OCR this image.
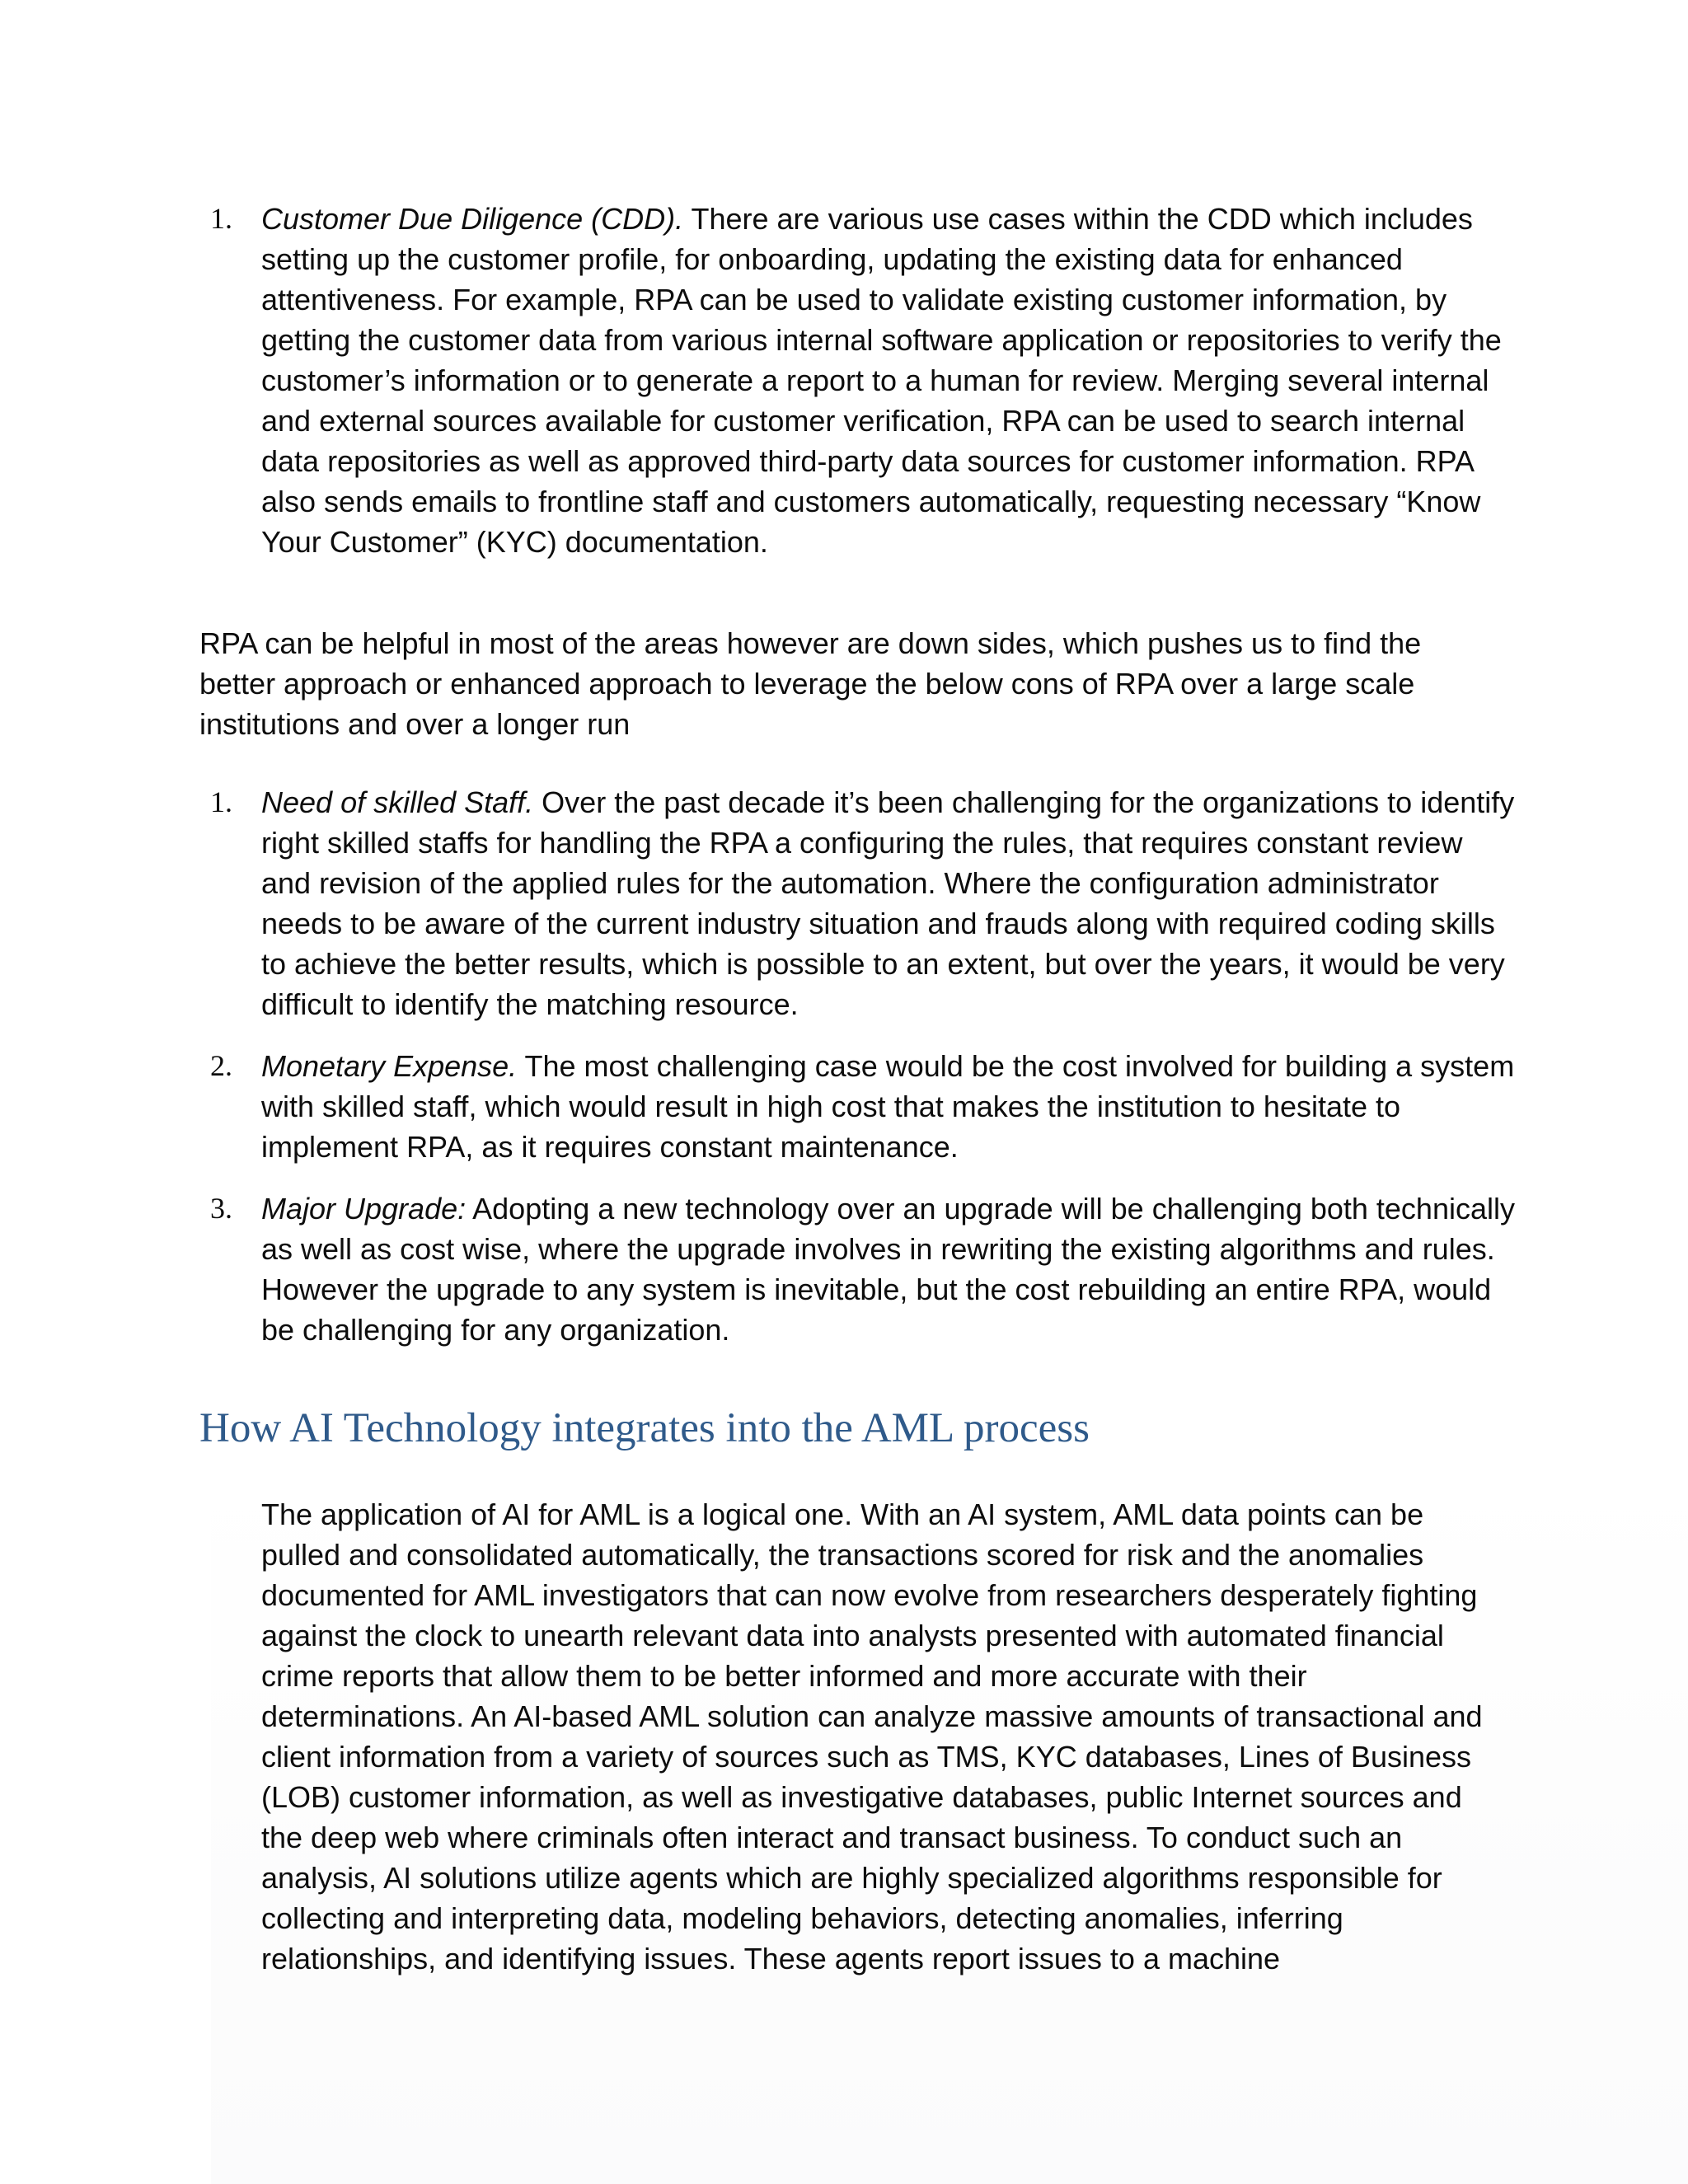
1. Customer Due Diligence (CDD). There are various use cases within the CDD which includes setting up the customer profile, for onboarding, updating the existing data for enhanced attentiveness. For example, RPA can be used to validate existing customer information, by getting the customer data from various internal software application or repositories to verify the customer’s information or to generate a report to a human for review. Merging several internal and external sources available for customer verification, RPA can be used to search internal data repositories as well as approved third-party data sources for customer information. RPA also sends emails to frontline staff and customers automatically, requesting necessary “Know Your Customer” (KYC) documentation.

RPA can be helpful in most of the areas however are down sides, which pushes us to find the better approach or enhanced approach to leverage the below cons of RPA over a large scale institutions and over a longer run

1. Need of skilled Staff. Over the past decade it’s been challenging for the organizations to identify right skilled staffs for handling the RPA a configuring the rules, that requires constant review and revision of the applied rules for the automation. Where the configuration administrator needs to be aware of the current industry situation and frauds along with required coding skills to achieve the better results, which is possible to an extent, but over the years, it would be very difficult to identify the matching resource.
2. Monetary Expense. The most challenging case would be the cost involved for building a system with skilled staff, which would result in high cost that makes the institution to hesitate to implement RPA, as it requires constant maintenance.
3. Major Upgrade: Adopting a new technology over an upgrade will be challenging both technically as well as cost wise, where the upgrade involves in rewriting the existing algorithms and rules. However the upgrade to any system is inevitable, but the cost rebuilding an entire RPA, would be challenging for any organization.
How AI Technology integrates into the AML process

The application of AI for AML is a logical one. With an AI system, AML data points can be pulled and consolidated automatically, the transactions scored for risk and the anomalies documented for AML investigators that can now evolve from researchers desperately fighting against the clock to unearth relevant data into analysts presented with automated financial crime reports that allow them to be better informed and more accurate with their determinations. An AI-based AML solution can analyze massive amounts of transactional and client information from a variety of sources such as TMS, KYC databases, Lines of Business (LOB) customer information, as well as investigative databases, public Internet sources and the deep web where criminals often interact and transact business. To conduct such an analysis, AI solutions utilize agents which are highly specialized algorithms responsible for collecting and interpreting data, modeling behaviors, detecting anomalies, inferring relationships, and identifying issues. These agents report issues to a machine
